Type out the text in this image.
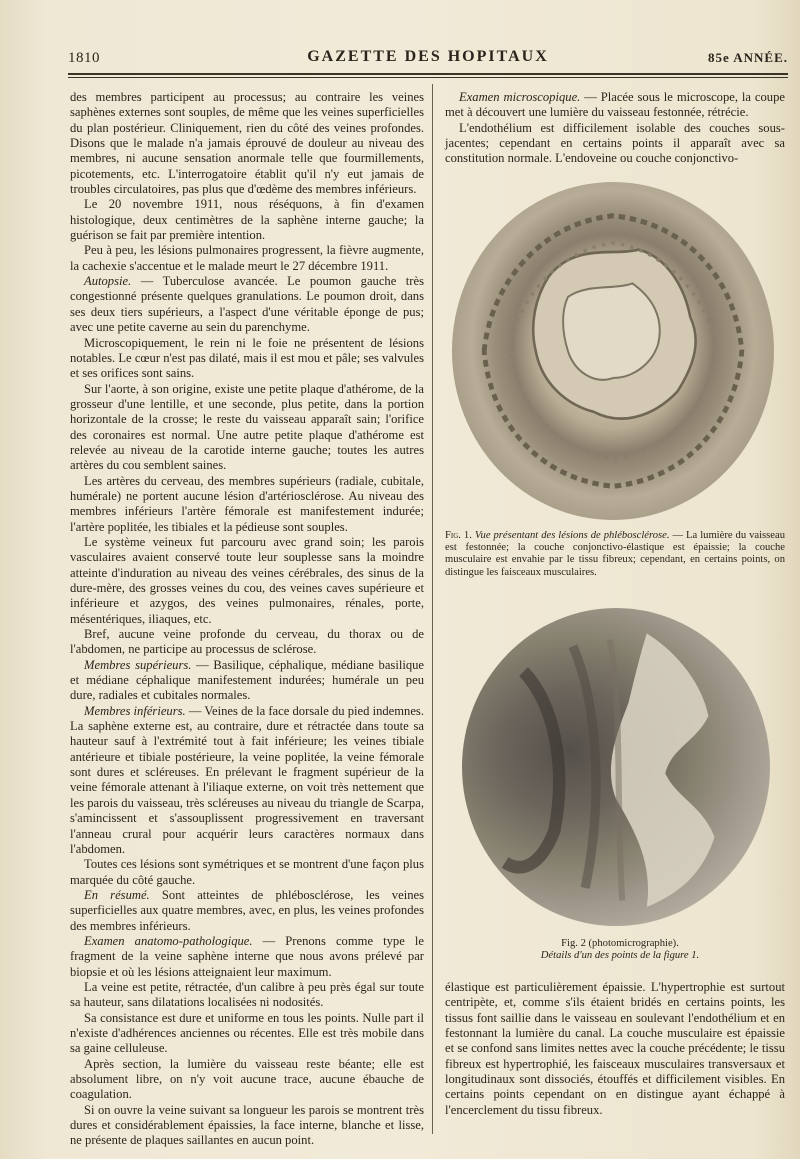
1810	GAZETTE DES HOPITAUX	85e ANNÉE.

des membres participent au processus; au contraire les veines saphènes externes sont souples, de même que les veines superficielles du plan postérieur. Cliniquement, rien du côté des veines profondes. Disons que le malade n'a jamais éprouvé de douleur au niveau des membres, ni aucune sensation anormale telle que fourmillements, picotements, etc. L'interrogatoire établit qu'il n'y eut jamais de troubles circulatoires, pas plus que d'œdème des membres inférieurs.

Le 20 novembre 1911, nous réséquons, à fin d'examen histologique, deux centimètres de la saphène interne gauche; la guérison se fait par première intention.

Peu à peu, les lésions pulmonaires progressent, la fièvre augmente, la cachexie s'accentue et le malade meurt le 27 décembre 1911.

Autopsie. — Tuberculose avancée. Le poumon gauche très congestionné présente quelques granulations. Le poumon droit, dans ses deux tiers supérieurs, a l'aspect d'une véritable éponge de pus; avec une petite caverne au sein du parenchyme.

Microscopiquement, le rein ni le foie ne présentent de lésions notables. Le cœur n'est pas dilaté, mais il est mou et pâle; ses valvules et ses orifices sont sains.

Sur l'aorte, à son origine, existe une petite plaque d'athérome, de la grosseur d'une lentille, et une seconde, plus petite, dans la portion horizontale de la crosse; le reste du vaisseau apparaît sain; l'orifice des coronaires est normal. Une autre petite plaque d'athérome est relevée au niveau de la carotide interne gauche; toutes les autres artères du cou semblent saines.

Les artères du cerveau, des membres supérieurs (radiale, cubitale, humérale) ne portent aucune lésion d'artériosclérose. Au niveau des membres inférieurs l'artère fémorale est manifestement indurée; l'artère poplitée, les tibiales et la pédieuse sont souples.

Le système veineux fut parcouru avec grand soin; les parois vasculaires avaient conservé toute leur souplesse sans la moindre atteinte d'induration au niveau des veines cérébrales, des sinus de la dure-mère, des grosses veines du cou, des veines caves supérieure et inférieure et azygos, des veines pulmonaires, rénales, porte, mésentériques, iliaques, etc.

Bref, aucune veine profonde du cerveau, du thorax ou de l'abdomen, ne participe au processus de sclérose.

Membres supérieurs. — Basilique, céphalique, médiane basilique et médiane céphalique manifestement indurées; humérale un peu dure, radiales et cubitales normales.

Membres inférieurs. — Veines de la face dorsale du pied indemnes. La saphène externe est, au contraire, dure et rétractée dans toute sa hauteur sauf à l'extrémité tout à fait inférieure; les veines tibiale antérieure et tibiale postérieure, la veine poplitée, la veine fémorale sont dures et scléreuses. En prélevant le fragment supérieur de la veine fémorale attenant à l'iliaque externe, on voit très nettement que les parois du vaisseau, très scléreuses au niveau du triangle de Scarpa, s'amincissent et s'assouplissent progressivement en traversant l'anneau crural pour acquérir leurs caractères normaux dans l'abdomen.

Toutes ces lésions sont symétriques et se montrent d'une façon plus marquée du côté gauche.

En résumé. Sont atteintes de phlébosclérose, les veines superficielles aux quatre membres, avec, en plus, les veines profondes des membres inférieurs.

Examen anatomo-pathologique. — Prenons comme type le fragment de la veine saphène interne que nous avons prélevé par biopsie et où les lésions atteignaient leur maximum.

La veine est petite, rétractée, d'un calibre à peu près égal sur toute sa hauteur, sans dilatations localisées ni nodosités.

Sa consistance est dure et uniforme en tous les points. Nulle part il n'existe d'adhérences anciennes ou récentes. Elle est très mobile dans sa gaine celluleuse.

Après section, la lumière du vaisseau reste béante; elle est absolument libre, on n'y voit aucune trace, aucune ébauche de coagulation.

Si on ouvre la veine suivant sa longueur les parois se montrent très dures et considérablement épaissies, la face interne, blanche et lisse, ne présente de plaques saillantes en aucun point.

Examen microscopique. — Placée sous le microscope, la coupe met à découvert une lumière du vaisseau festonnée, rétrécie.

L'endothélium est difficilement isolable des couches sous-jacentes; cependant en certains points il apparaît avec sa constitution normale. L'endoveine ou couche conjonctivo-

Fig. 1. Vue présentant des lésions de phlébosclérose. — La lumière du vaisseau est festonnée; la couche conjonctivo-élastique est épaissie; la couche musculaire est envahie par le tissu fibreux; cependant, en certains points, on distingue les faisceaux musculaires.
Fig. 2 (photomicrographie).
Détails d'un des points de la figure 1.

élastique est particulièrement épaissie. L'hypertrophie est surtout centripète, et, comme s'ils étaient bridés en certains points, les tissus font saillie dans le vaisseau en soulevant l'endothélium et en festonnant la lumière du canal. La couche musculaire est épaissie et se confond sans limites nettes avec la couche précédente; le tissu fibreux est hypertrophié, les faisceaux musculaires transversaux et longitudinaux sont dissociés, étouffés et difficilement visibles. En certains points cependant on en distingue ayant échappé à l'encerclement du tissu fibreux.
